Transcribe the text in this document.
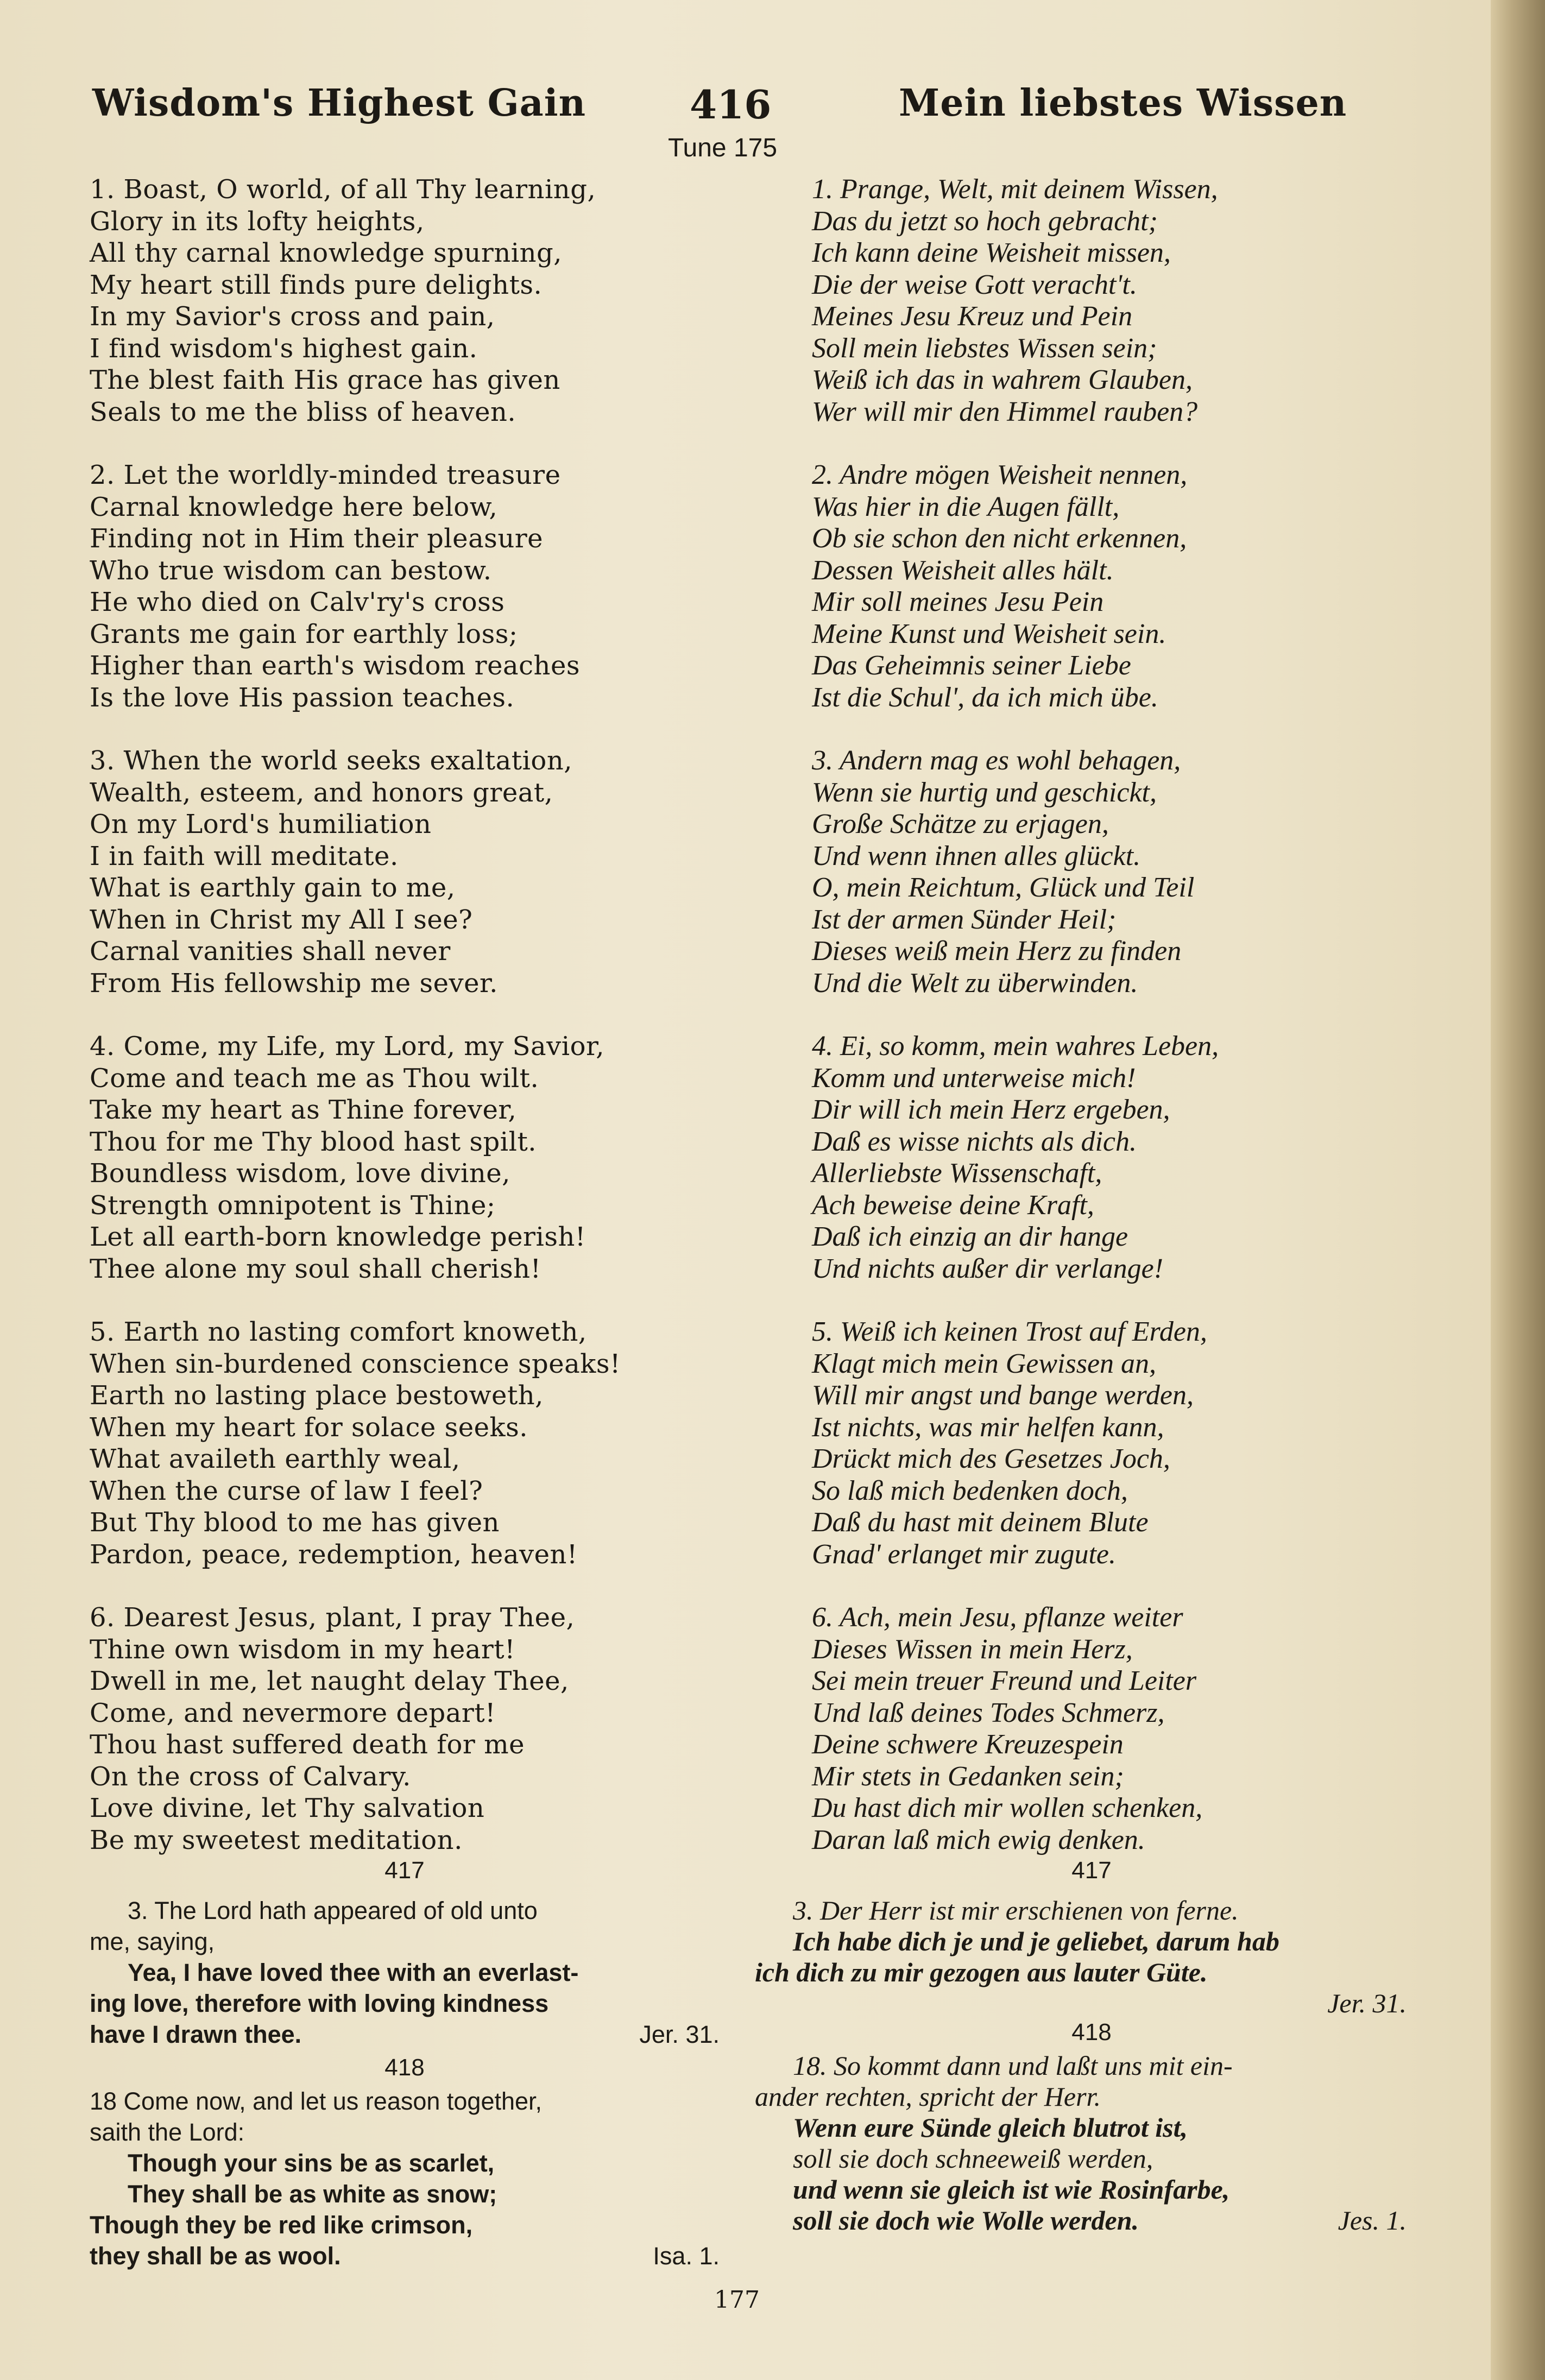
Wisdom's Highest Gain	416	Mein liebstes Wissen
Tune 175
1. Boast, O world, of all Thy learning,
Glory in its lofty heights,
All thy carnal knowledge spurning,
My heart still finds pure delights.
In my Savior's cross and pain,
I find wisdom's highest gain.
The blest faith His grace has given
Seals to me the bliss of heaven.
2. Let the worldly-minded treasure
Carnal knowledge here below,
Finding not in Him their pleasure
Who true wisdom can bestow.
He who died on Calv'ry's cross
Grants me gain for earthly loss;
Higher than earth's wisdom reaches
Is the love His passion teaches.
3. When the world seeks exaltation,
Wealth, esteem, and honors great,
On my Lord's humiliation
I in faith will meditate.
What is earthly gain to me,
When in Christ my All I see?
Carnal vanities shall never
From His fellowship me sever.
4. Come, my Life, my Lord, my Savior,
Come and teach me as Thou wilt.
Take my heart as Thine forever,
Thou for me Thy blood hast spilt.
Boundless wisdom, love divine,
Strength omnipotent is Thine;
Let all earth-born knowledge perish!
Thee alone my soul shall cherish!
5. Earth no lasting comfort knoweth,
When sin-burdened conscience speaks!
Earth no lasting place bestoweth,
When my heart for solace seeks.
What availeth earthly weal,
When the curse of law I feel?
But Thy blood to me has given
Pardon, peace, redemption, heaven!
6. Dearest Jesus, plant, I pray Thee,
Thine own wisdom in my heart!
Dwell in me, let naught delay Thee,
Come, and nevermore depart!
Thou hast suffered death for me
On the cross of Calvary.
Love divine, let Thy salvation
Be my sweetest meditation.
1. Prange, Welt, mit deinem Wissen,
Das du jetzt so hoch gebracht;
Ich kann deine Weisheit missen,
Die der weise Gott veracht't.
Meines Jesu Kreuz und Pein
Soll mein liebstes Wissen sein;
Weiß ich das in wahrem Glauben,
Wer will mir den Himmel rauben?
2. Andre mögen Weisheit nennen,
Was hier in die Augen fällt,
Ob sie schon den nicht erkennen,
Dessen Weisheit alles hält.
Mir soll meines Jesu Pein
Meine Kunst und Weisheit sein.
Das Geheimnis seiner Liebe
Ist die Schul', da ich mich übe.
3. Andern mag es wohl behagen,
Wenn sie hurtig und geschickt,
Große Schätze zu erjagen,
Und wenn ihnen alles glückt.
O, mein Reichtum, Glück und Teil
Ist der armen Sünder Heil;
Dieses weiß mein Herz zu finden
Und die Welt zu überwinden.
4. Ei, so komm, mein wahres Leben,
Komm und unterweise mich!
Dir will ich mein Herz ergeben,
Daß es wisse nichts als dich.
Allerliebste Wissenschaft,
Ach beweise deine Kraft,
Daß ich einzig an dir hange
Und nichts außer dir verlange!
5. Weiß ich keinen Trost auf Erden,
Klagt mich mein Gewissen an,
Will mir angst und bange werden,
Ist nichts, was mir helfen kann,
Drückt mich des Gesetzes Joch,
So laß mich bedenken doch,
Daß du hast mit deinem Blute
Gnad' erlanget mir zugute.
6. Ach, mein Jesu, pflanze weiter
Dieses Wissen in mein Herz,
Sei mein treuer Freund und Leiter
Und laß deines Todes Schmerz,
Deine schwere Kreuzespein
Mir stets in Gedanken sein;
Du hast dich mir wollen schenken,
Daran laß mich ewig denken.
417
3. The Lord hath appeared of old unto
me, saying,
Yea, I have loved thee with an everlast-
ing love, therefore with loving kindness
have I drawn thee.	Jer. 31.
418
18 Come now, and let us reason together,
saith the Lord:
Though your sins be as scarlet,
They shall be as white as snow;
Though they be red like crimson,
they shall be as wool.	Isa. 1.
417
3. Der Herr ist mir erschienen von ferne.
Ich habe dich je und je geliebet, darum hab
ich dich zu mir gezogen aus lauter Güte.
Jer. 31.
418
18. So kommt dann und laßt uns mit ein-
ander rechten, spricht der Herr.
Wenn eure Sünde gleich blutrot ist,
soll sie doch schneeweiß werden,
und wenn sie gleich ist wie Rosinfarbe,
soll sie doch wie Wolle werden.	Jes. 1.
177
